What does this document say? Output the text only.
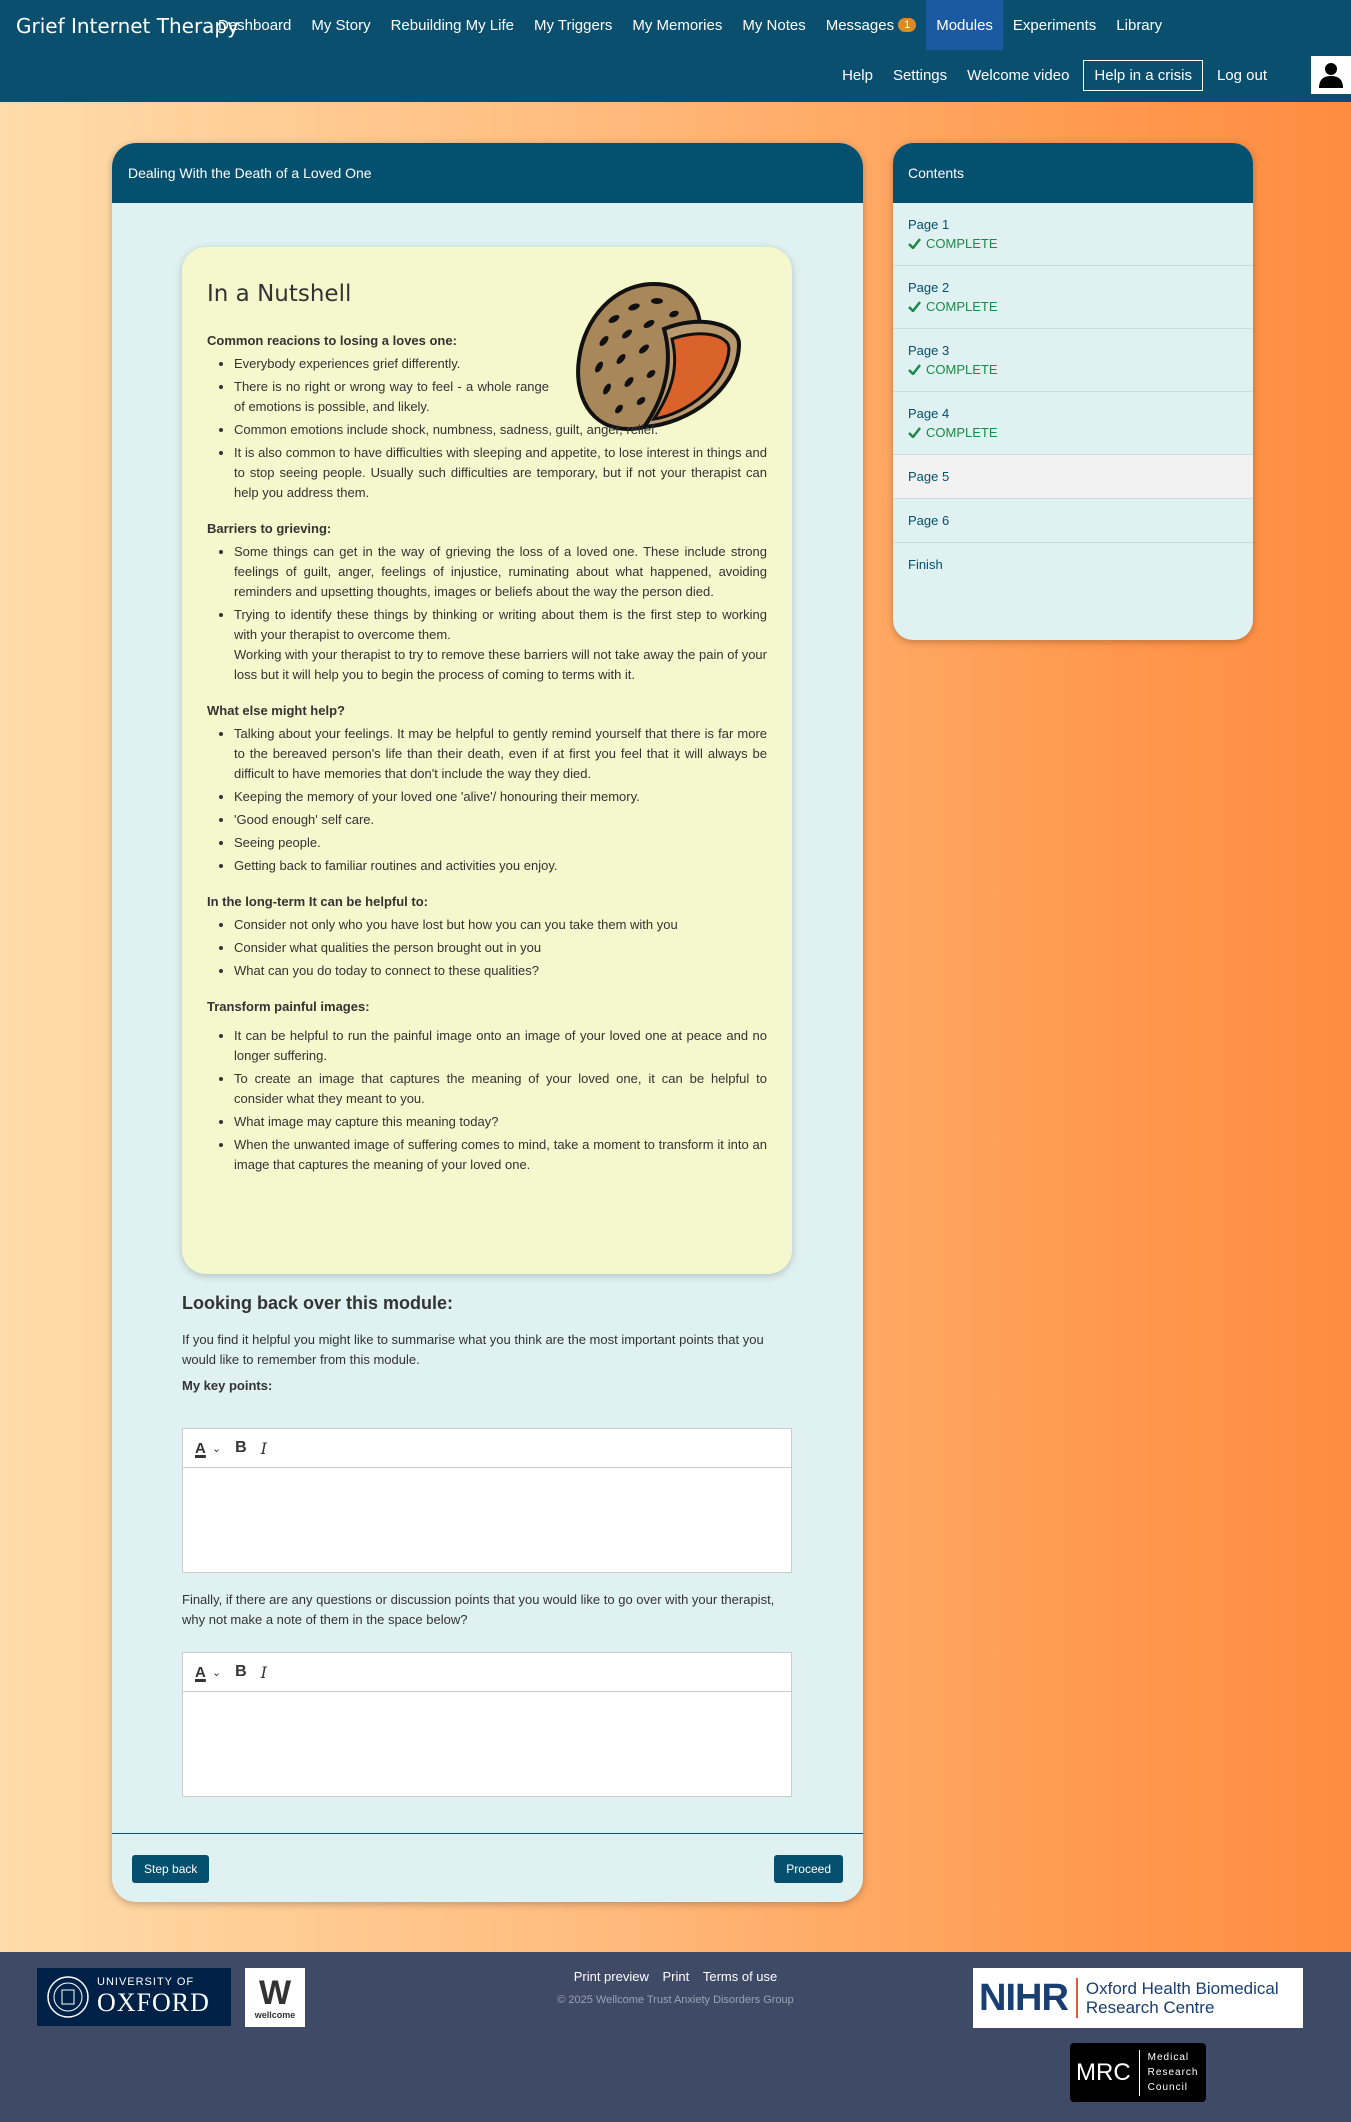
Grief Internet Therapy
Dashboard	My Story	Rebuilding My Life	My Triggers	My Memories	My Notes	Messages 1	Modules	Experiments	Library
Help	Settings	Welcome video	Help in a crisis	Log out
Dealing With the Death of a Loved One
In a Nutshell
Common reacions to losing a loves one:
• Everybody experiences grief differently.
• There is no right or wrong way to feel - a whole range of emotions is possible, and likely.
• Common emotions include shock, numbness, sadness, guilt, anger, relief.
• It is also common to have difficulties with sleeping and appetite, to lose interest in things and to stop seeing people. Usually such difficulties are temporary, but if not your therapist can help you address them.
Barriers to grieving:
• Some things can get in the way of grieving the loss of a loved one. These include strong feelings of guilt, anger, feelings of injustice, ruminating about what happened, avoiding reminders and upsetting thoughts, images or beliefs about the way the person died.
• Trying to identify these things by thinking or writing about them is the first step to working with your therapist to overcome them.
Working with your therapist to try to remove these barriers will not take away the pain of your loss but it will help you to begin the process of coming to terms with it.
What else might help?
• Talking about your feelings. It may be helpful to gently remind yourself that there is far more to the bereaved person's life than their death, even if at first you feel that it will always be difficult to have memories that don't include the way they died.
• Keeping the memory of your loved one 'alive'/ honouring their memory.
• 'Good enough' self care.
• Seeing people.
• Getting back to familiar routines and activities you enjoy.
In the long-term It can be helpful to:
• Consider not only who you have lost but how you can you take them with you
• Consider what qualities the person brought out in you
• What can you do today to connect to these qualities?
Transform painful images:
• It can be helpful to run the painful image onto an image of your loved one at peace and no longer suffering.
• To create an image that captures the meaning of your loved one, it can be helpful to consider what they meant to you.
• What image may capture this meaning today?
• When the unwanted image of suffering comes to mind, take a moment to transform it into an image that captures the meaning of your loved one.
Looking back over this module:

If you find it helpful you might like to summarise what you think are the most important points that you would like to remember from this module.

My key points:
A ⌄ B I
Finally, if there are any questions or discussion points that you would like to go over with your therapist, why not make a note of them in the space below?
A ⌄ B I
Step back	Proceed
Contents
Page 1
COMPLETE
Page 2
COMPLETE
Page 3
COMPLETE
Page 4
COMPLETE
Page 5
Page 6
Finish
UNIVERSITY OF
OXFORD W
wellcome
Print preview Print Terms of use
© 2025 Wellcome Trust Anxiety Disorders Group	NIHR Oxford Health Biomedical
Research Centre
MRC
Medical
Research
Council
